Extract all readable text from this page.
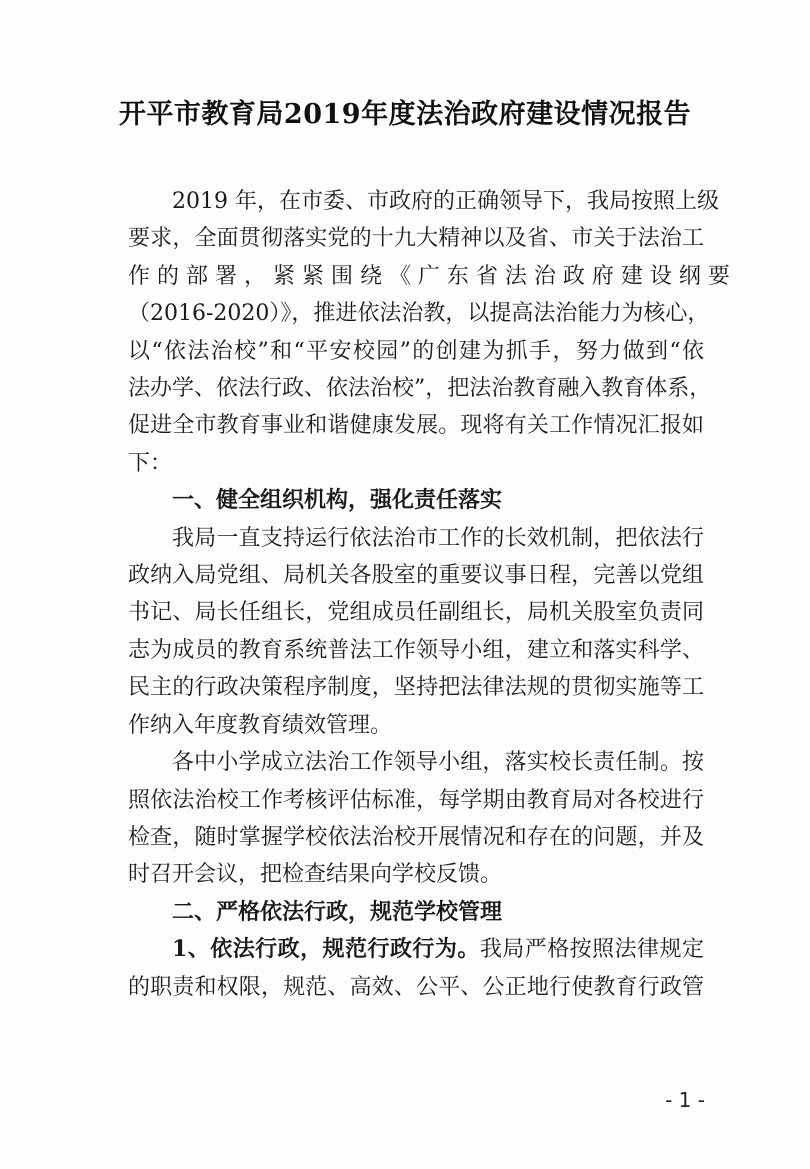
开平市教育局2019年度法治政府建设情况报告
2019 年，在市委、市政府的正确领导下，我局按照上级
要求，全面贯彻落实党的十九大精神以及省、市关于法治工
作 的 部 署 ， 紧 紧 围 绕 《 广 东 省 法 治 政 府 建 设 纲 要
（2016-2020）》，推进依法治教，以提高法治能力为核心，
以“依法治校”和“平安校园”的创建为抓手，努力做到“依
法办学、依法行政、依法治校”，把法治教育融入教育体系，
促进全市教育事业和谐健康发展。现将有关工作情况汇报如
下：
一、健全组织机构，强化责任落实
我局一直支持运行依法治市工作的长效机制，把依法行
政纳入局党组、局机关各股室的重要议事日程，完善以党组
书记、局长任组长，党组成员任副组长，局机关股室负责同
志为成员的教育系统普法工作领导小组，建立和落实科学、
民主的行政决策程序制度，坚持把法律法规的贯彻实施等工
作纳入年度教育绩效管理。
各中小学成立法治工作领导小组，落实校长责任制。按
照依法治校工作考核评估标准，每学期由教育局对各校进行
检查，随时掌握学校依法治校开展情况和存在的问题，并及
时召开会议，把检查结果向学校反馈。
二、严格依法行政，规范学校管理
1、依法行政，规范行政行为。我局严格按照法律规定
的职责和权限，规范、高效、公平、公正地行使教育行政管
- 1 -
